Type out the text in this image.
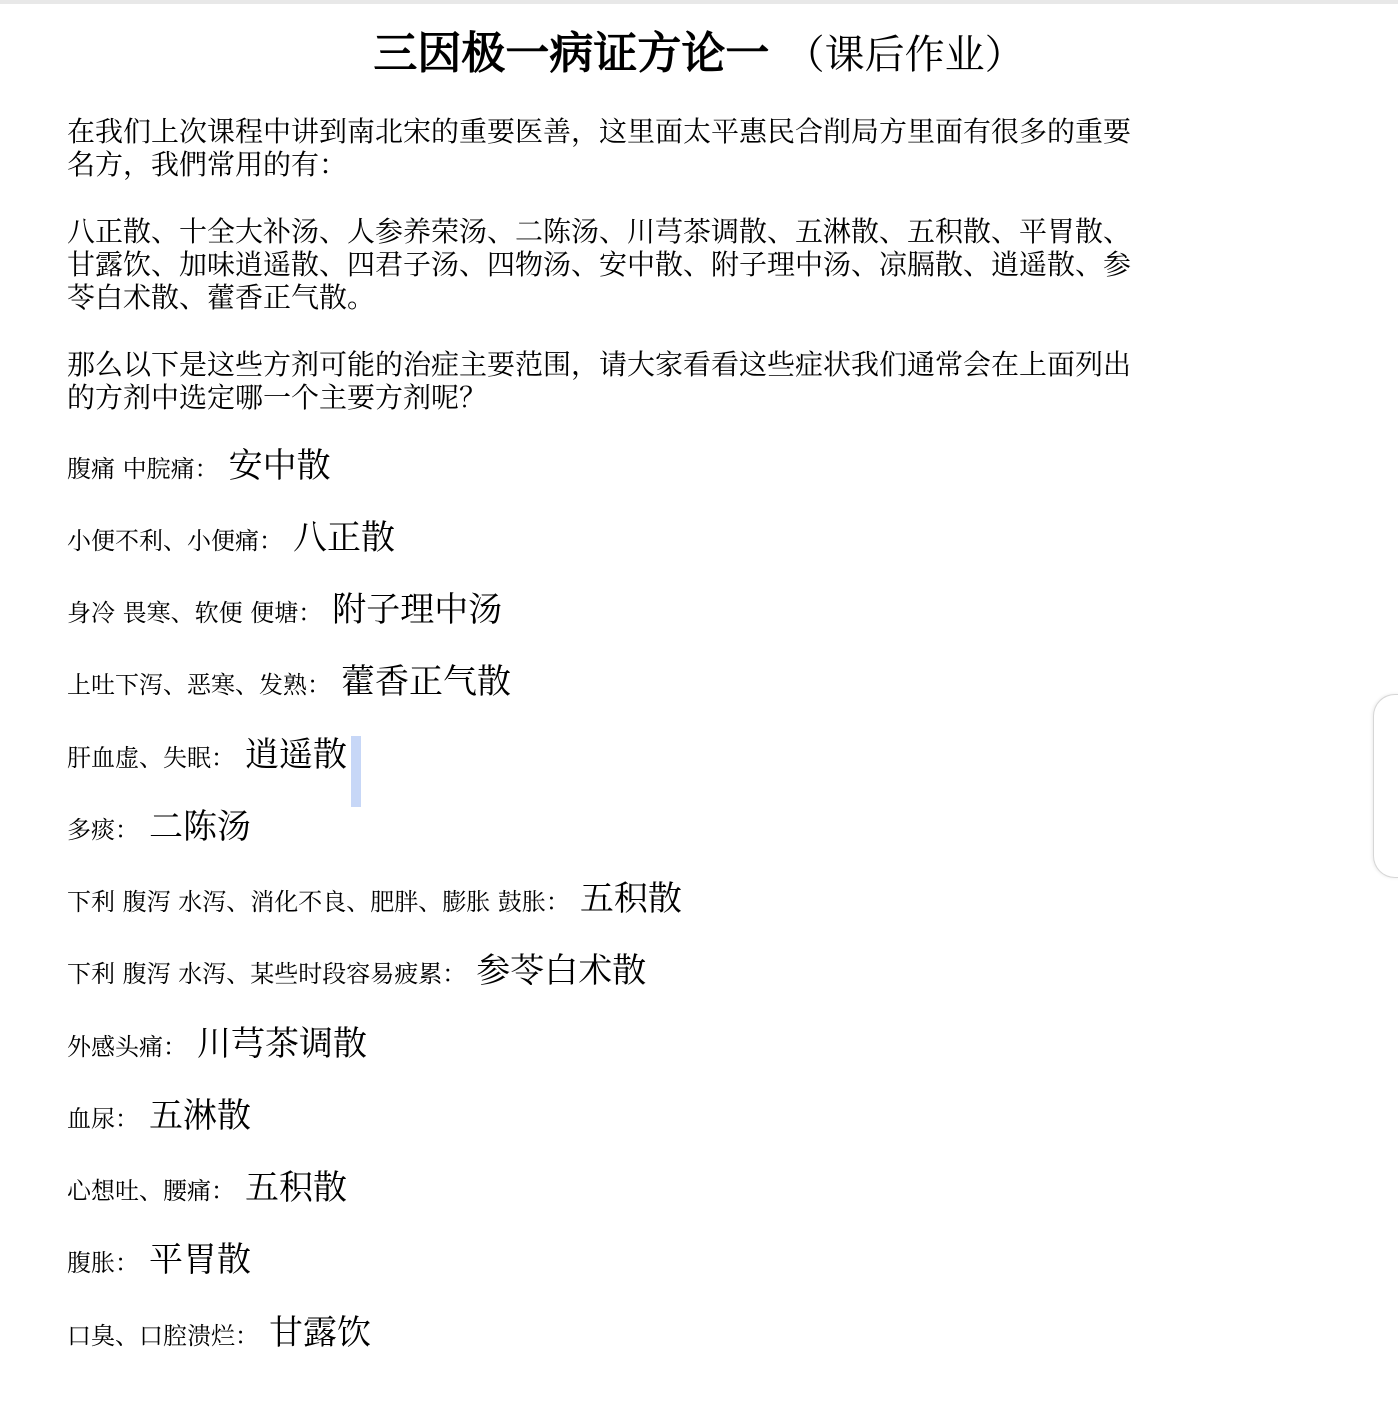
三因极一病证方论一 （课后作业）

在我们上次课程中讲到南北宋的重要医善，这里面太平惠民合削局方里面有很多的重要名方，我們常用的有：

八正散、十全大补汤、人参养荣汤、二陈汤、川芎茶调散、五淋散、五积散、平胃散、甘露饮、加味逍遥散、四君子汤、四物汤、安中散、附子理中汤、凉膈散、逍遥散、参苓白术散、藿香正气散。

那么以下是这些方剂可能的治症主要范围，请大家看看这些症状我们通常会在上面列出的方剂中选定哪一个主要方剂呢？

腹痛 中脘痛： 安中散
小便不利、小便痛： 八正散
身冷 畏寒、软便 便塘： 附子理中汤
上吐下泻、恶寒、发熟： 藿香正气散
肝血虚、失眠： 逍遥散
多痰： 二陈汤
下利 腹泻 水泻、消化不良、肥胖、膨胀 鼓胀： 五积散
下利 腹泻 水泻、某些时段容易疲累： 参苓白术散
外感头痛： 川芎茶调散
血尿： 五淋散
心想吐、腰痛： 五积散
腹胀： 平胃散
口臭、口腔溃烂： 甘露饮
